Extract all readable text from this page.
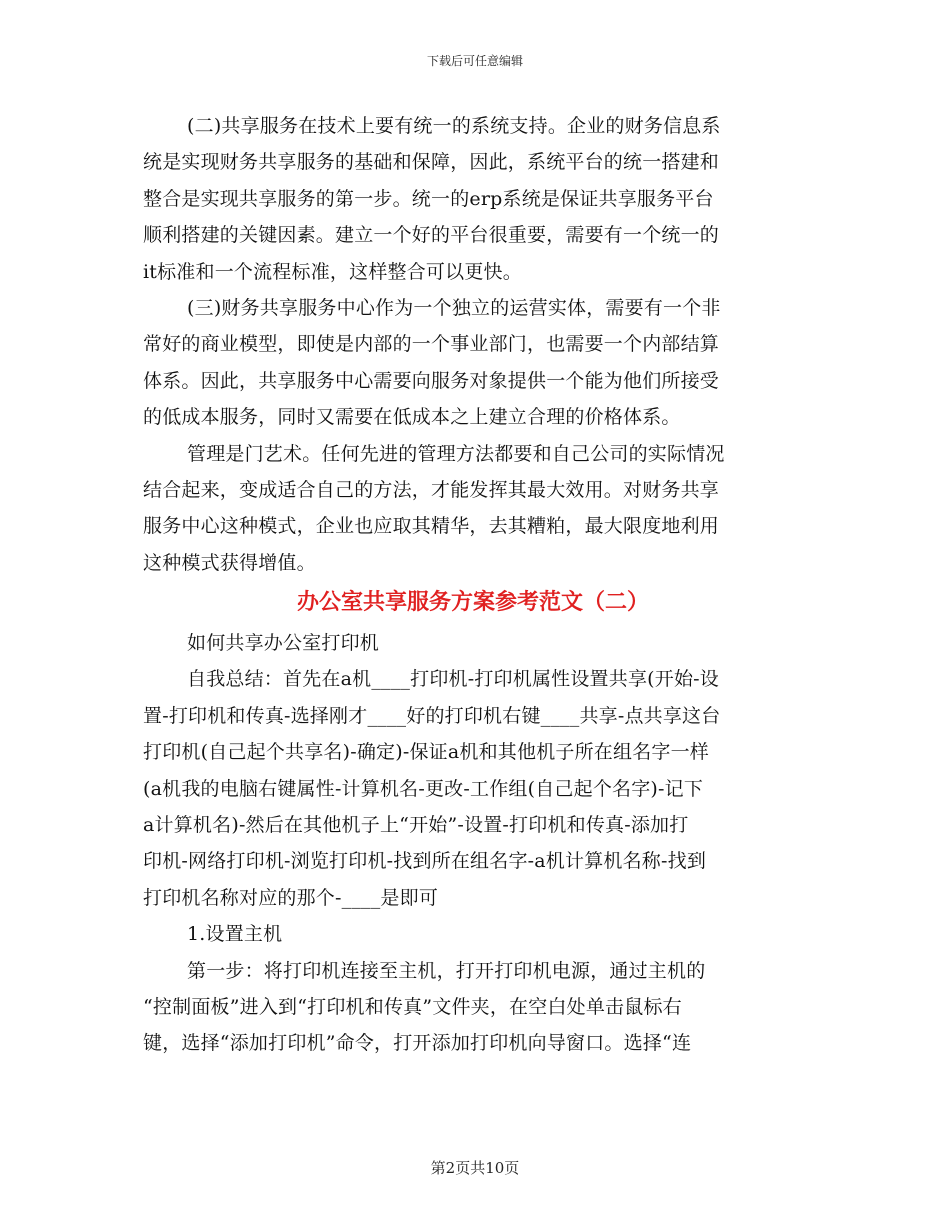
下载后可任意编辑
(二)共享服务在技术上要有统一的系统支持。企业的财务信息系
统是实现财务共享服务的基础和保障，因此，系统平台的统一搭建和
整合是实现共享服务的第一步。统一的erp系统是保证共享服务平台
顺利搭建的关键因素。建立一个好的平台很重要，需要有一个统一的
it标准和一个流程标准，这样整合可以更快。
(三)财务共享服务中心作为一个独立的运营实体，需要有一个非
常好的商业模型，即使是内部的一个事业部门，也需要一个内部结算
体系。因此，共享服务中心需要向服务对象提供一个能为他们所接受
的低成本服务，同时又需要在低成本之上建立合理的价格体系。
管理是门艺术。任何先进的管理方法都要和自己公司的实际情况
结合起来，变成适合自己的方法，才能发挥其最大效用。对财务共享
服务中心这种模式，企业也应取其精华，去其糟粕，最大限度地利用
这种模式获得增值。
办公室共享服务方案参考范文（二）
如何共享办公室打印机
自我总结：首先在a机____打印机-打印机属性设置共享(开始-设
置-打印机和传真-选择刚才____好的打印机右键____共享-点共享这台
打印机(自己起个共享名)-确定)-保证a机和其他机子所在组名字一样
(a机我的电脑右键属性-计算机名-更改-工作组(自己起个名字)-记下
a计算机名)-然后在其他机子上“开始”-设置-打印机和传真-添加打
印机-网络打印机-浏览打印机-找到所在组名字-a机计算机名称-找到
打印机名称对应的那个-____是即可
1.设置主机
第一步：将打印机连接至主机，打开打印机电源，通过主机的
“控制面板”进入到“打印机和传真”文件夹，在空白处单击鼠标右
键，选择“添加打印机”命令，打开添加打印机向导窗口。选择“连
第2页共10页
